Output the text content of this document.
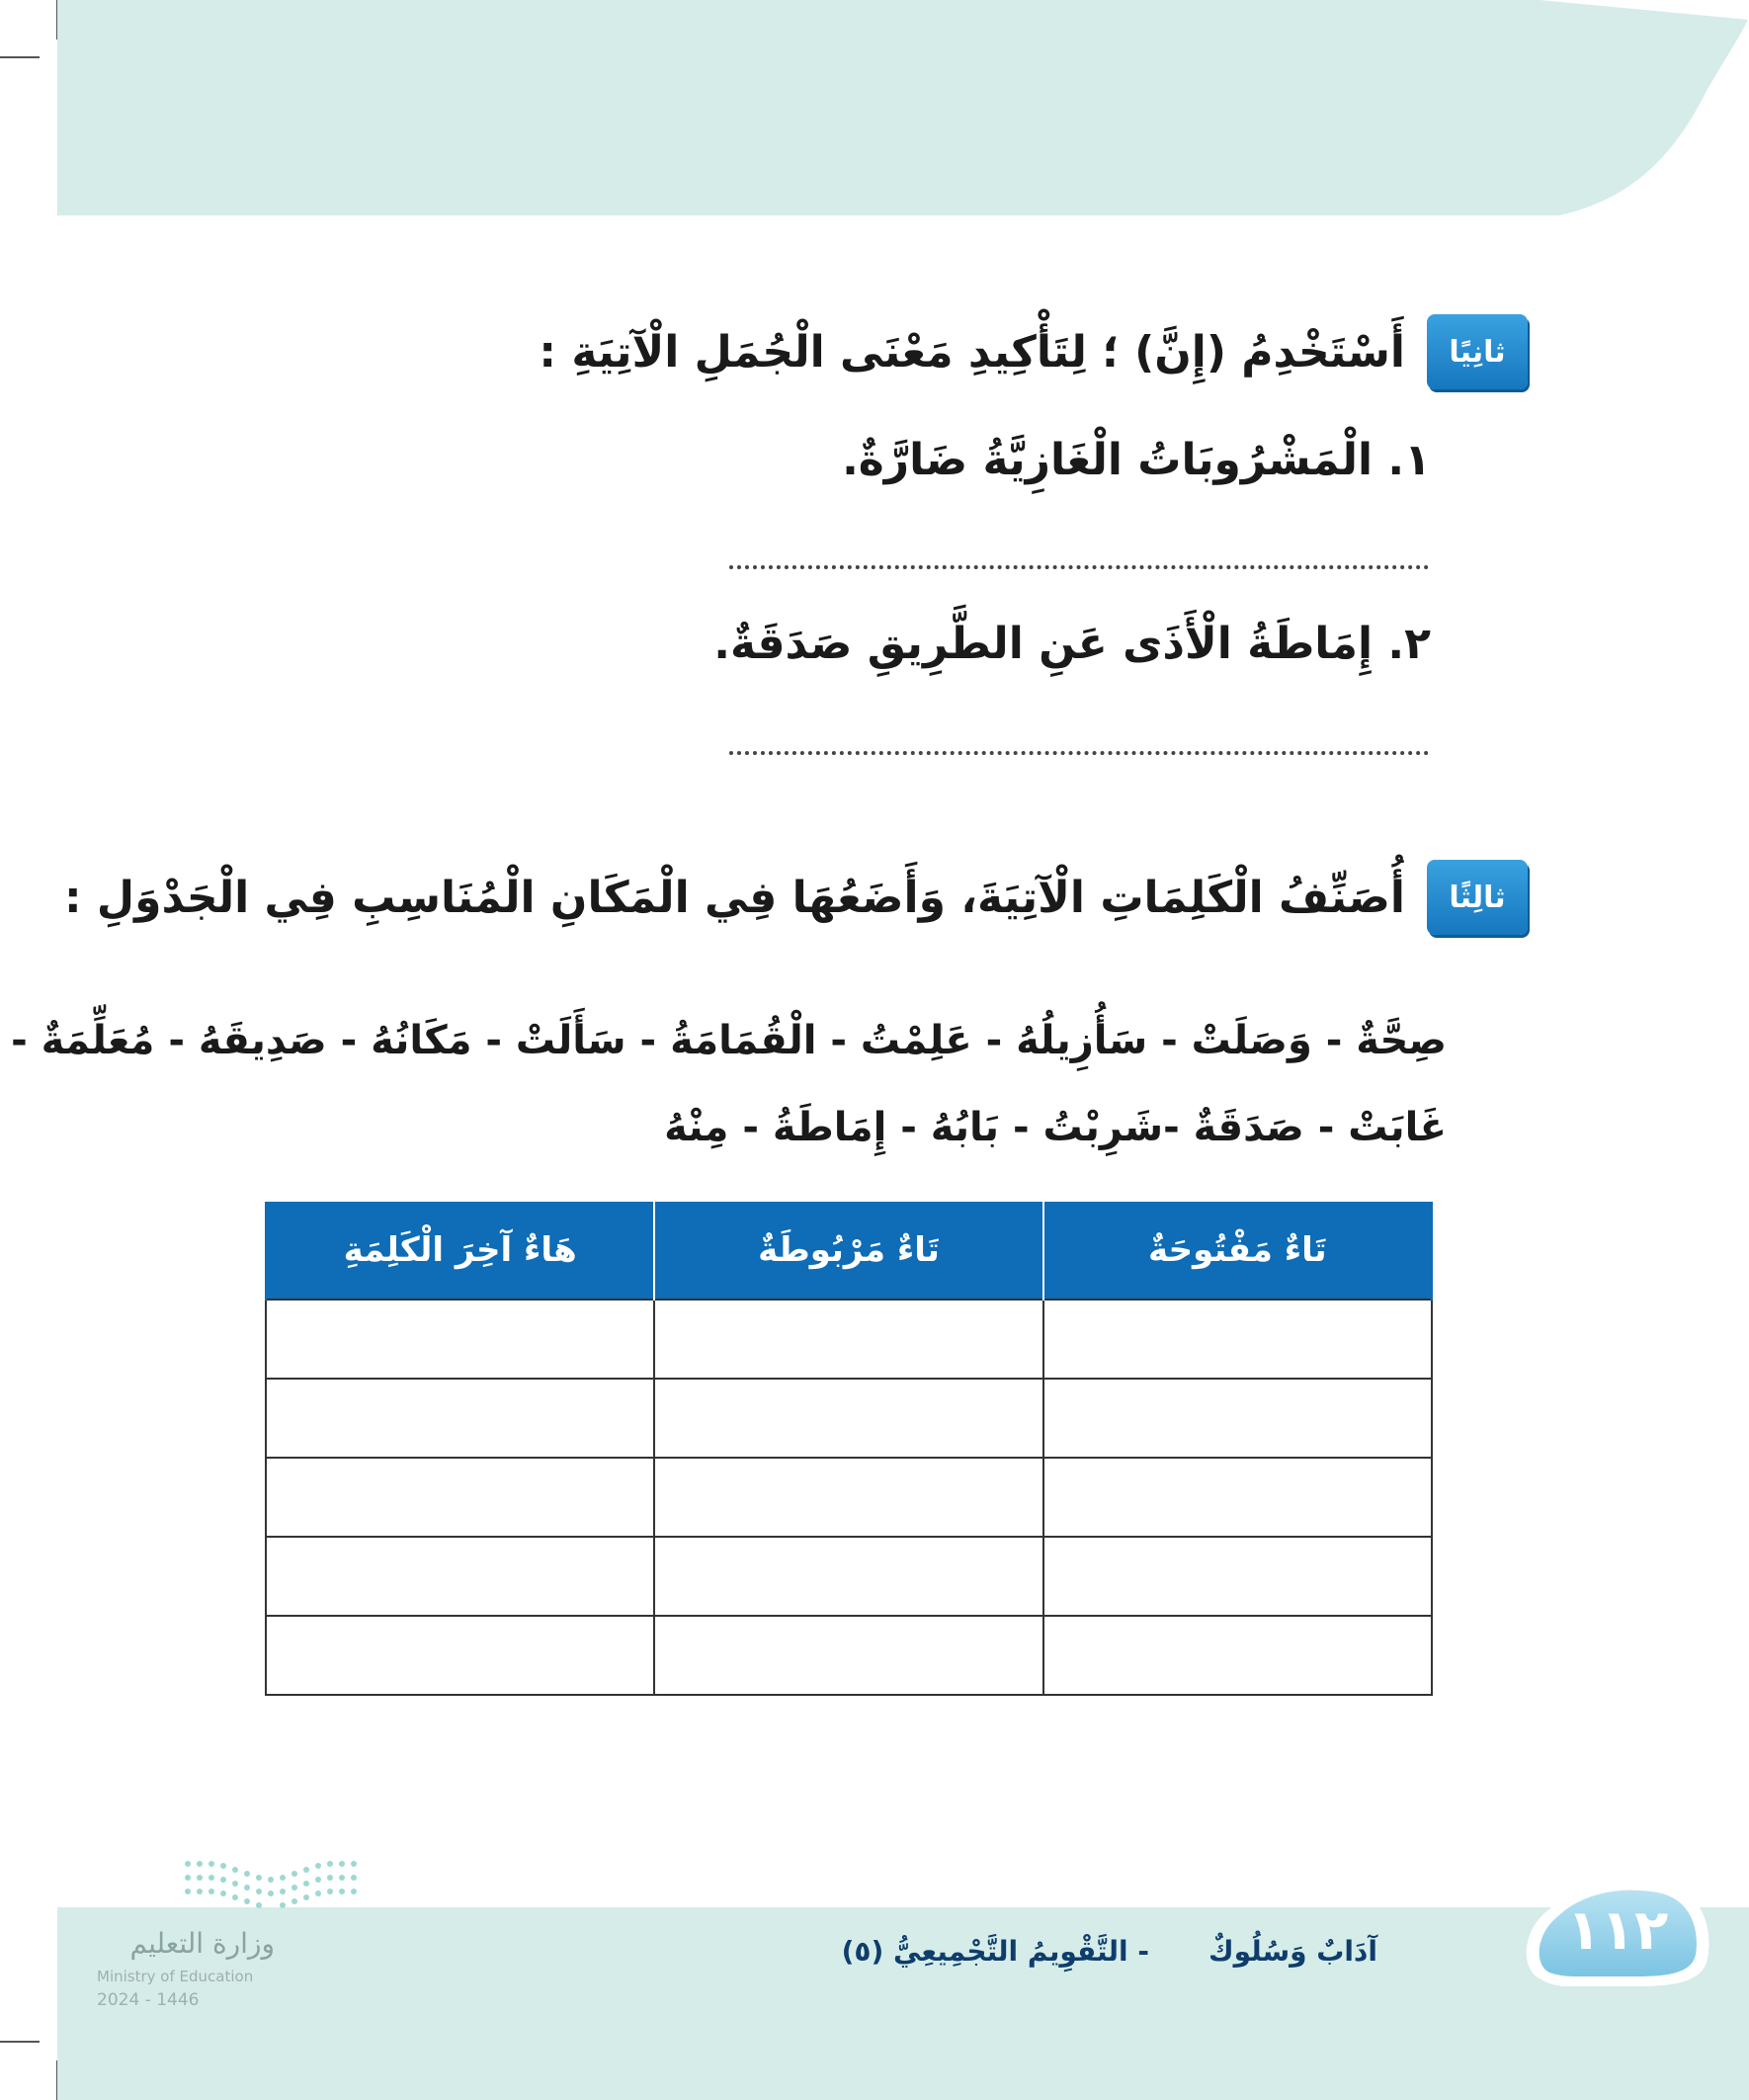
ثانِيًا
أَسْتَخْدِمُ (إِنَّ) ؛ لِتَأْكِيدِ مَعْنَى الْجُمَلِ الْآتِيَةِ :
١. الْمَشْرُوبَاتُ الْغَازِيَّةُ ضَارَّةٌ.
٢. إِمَاطَةُ الْأَذَى عَنِ الطَّرِيقِ صَدَقَةٌ.
ثالِثًا
أُصَنِّفُ الْكَلِمَاتِ الْآتِيَةَ، وَأَضَعُهَا فِي الْمَكَانِ الْمُنَاسِبِ فِي الْجَدْوَلِ :
صِحَّةٌ - وَصَلَتْ - سَأُزِيلُهُ - عَلِمْتُ - الْقُمَامَةُ - سَأَلَتْ - مَكَانُهُ - صَدِيقَهُ - مُعَلِّمَةٌ -
غَابَتْ - صَدَقَةٌ -شَرِبْتُ - بَابُهُ - إِمَاطَةُ - مِنْهُ
تَاءٌ مَفْتُوحَةٌ	تَاءٌ مَرْبُوطَةٌ	هَاءٌ آخِرَ الْكَلِمَةِ

آدَابٌ وَسُلُوكٌ- التَّقْوِيمُ التَّجْمِيعِيُّ (٥)	١١٢
وزارة التعليم
Ministry of Education
2024 - 1446
